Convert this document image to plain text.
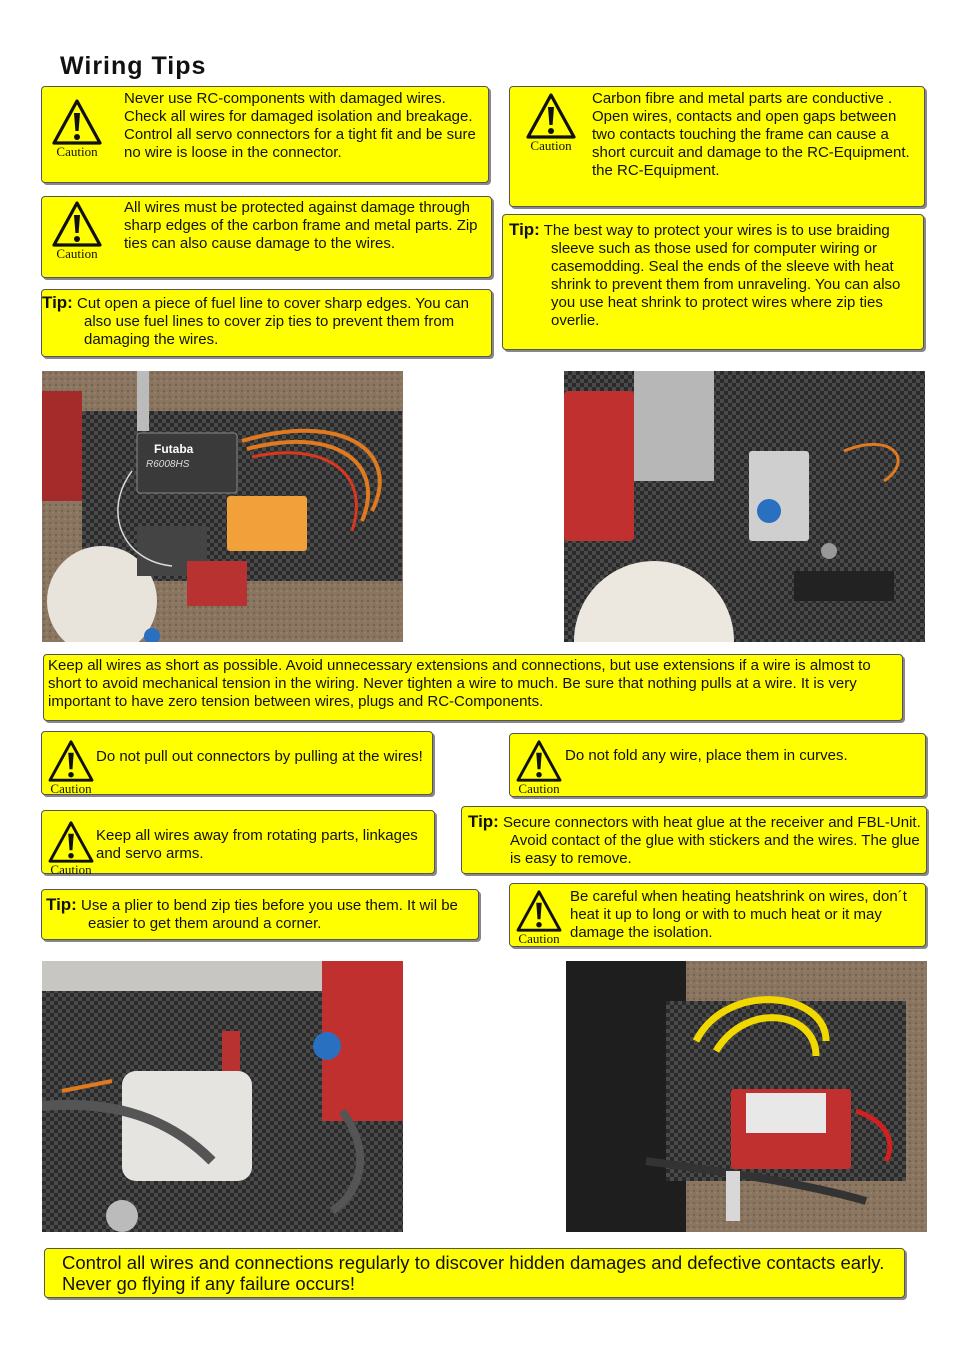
Wiring Tips
Caution
Never use RC-components with damaged wires. Check all wires for damaged isolation and breakage. Control all servo connectors for a tight fit and be sure no wire is loose in the connector.	Caution
Carbon fibre and metal parts are conductive . Open wires, contacts and open gaps between two contacts touching the frame can cause a short curcuit and damage to the RC-Equipment. the RC-Equipment.
Caution
All wires must be protected against damage through sharp edges of the carbon frame and metal parts. Zip ties can also cause damage to the wires.
Tip: The best way to protect your wires is to use braiding sleeve such as those used for computer wiring or casemodding. Seal the ends of the sleeve with heat shrink to prevent them from unraveling. You can also you use heat shrink to protect wires where zip ties overlie.
Tip: Cut open a piece of fuel line to cover sharp edges. You can also use fuel lines to cover zip ties to prevent them from damaging the wires.
Futaba
R6008HS
Keep all wires as short as possible. Avoid unnecessary extensions and connections, but use extensions if a wire is almost to short to avoid mechanical tension in the wiring. Never tighten a wire to much. Be sure that nothing pulls at a wire. It is very important to have zero tension between wires, plugs and RC-Components.
Caution
Do not pull out connectors by pulling at the wires!
Caution
Do not fold any wire, place them in curves.
Tip: Secure connectors with heat glue at the receiver and FBL-Unit. Avoid contact of the glue with stickers and the wires. The glue is easy to remove.
Caution
Keep all wires away from rotating parts, linkages and servo arms.
Tip: Use a plier to bend zip ties before you use them. It wil be easier to get them around a corner.
Caution
Be careful when heating heatshrink on wires, don´t heat it up to long or with to much heat or it may damage the isolation.
Control all wires and connections regularly to discover hidden damages and defective contacts early. Never go flying if any failure occurs!
